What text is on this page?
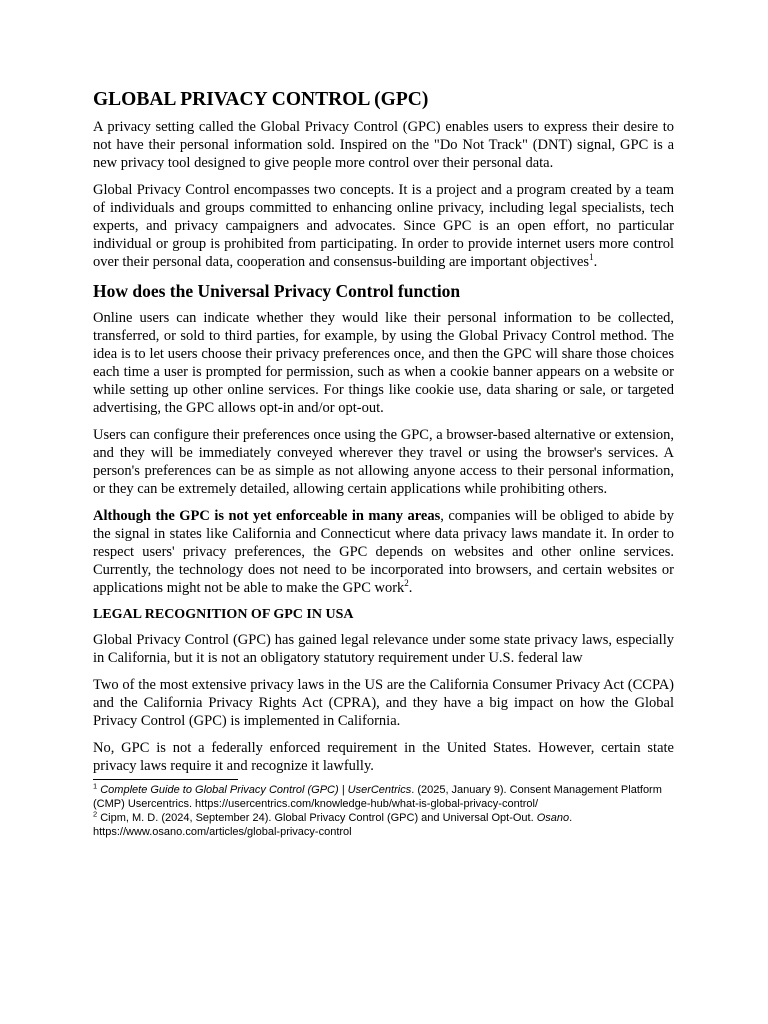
GLOBAL PRIVACY CONTROL (GPC)

A privacy setting called the Global Privacy Control (GPC) enables users to express their desire to not have their personal information sold. Inspired on the "Do Not Track" (DNT) signal, GPC is a new privacy tool designed to give people more control over their personal data.

Global Privacy Control encompasses two concepts. It is a project and a program created by a team of individuals and groups committed to enhancing online privacy, including legal specialists, tech experts, and privacy campaigners and advocates. Since GPC is an open effort, no particular individual or group is prohibited from participating. In order to provide internet users more control over their personal data, cooperation and consensus-building are important objectives$^1$.

How does the Universal Privacy Control function

Online users can indicate whether they would like their personal information to be collected, transferred, or sold to third parties, for example, by using the Global Privacy Control method. The idea is to let users choose their privacy preferences once, and then the GPC will share those choices each time a user is prompted for permission, such as when a cookie banner appears on a website or while setting up other online services. For things like cookie use, data sharing or sale, or targeted advertising, the GPC allows opt-in and/or opt-out.

Users can configure their preferences once using the GPC, a browser-based alternative or extension, and they will be immediately conveyed wherever they travel or using the browser's services. A person's preferences can be as simple as not allowing anyone access to their personal information, or they can be extremely detailed, allowing certain applications while prohibiting others.

Although the GPC is not yet enforceable in many areas, companies will be obliged to abide by the signal in states like California and Connecticut where data privacy laws mandate it. In order to respect users' privacy preferences, the GPC depends on websites and other online services. Currently, the technology does not need to be incorporated into browsers, and certain websites or applications might not be able to make the GPC work$^2$.

LEGAL RECOGNITION OF GPC IN USA

Global Privacy Control (GPC) has gained legal relevance under some state privacy laws, especially in California, but it is not an obligatory statutory requirement under U.S. federal law

Two of the most extensive privacy laws in the US are the California Consumer Privacy Act (CCPA) and the California Privacy Rights Act (CPRA), and they have a big impact on how the Global Privacy Control (GPC) is implemented in California.

No, GPC is not a federally enforced requirement in the United States. However, certain state privacy laws require it and recognize it lawfully.

$^1$ Complete Guide to Global Privacy Control (GPC) | UserCentrics. (2025, January 9). Consent Management Platform (CMP) Usercentrics. https://usercentrics.com/knowledge-hub/what-is-global-privacy-control/
$^2$ Cipm, M. D. (2024, September 24). Global Privacy Control (GPC) and Universal Opt-Out. Osano. https://www.osano.com/articles/global-privacy-control
